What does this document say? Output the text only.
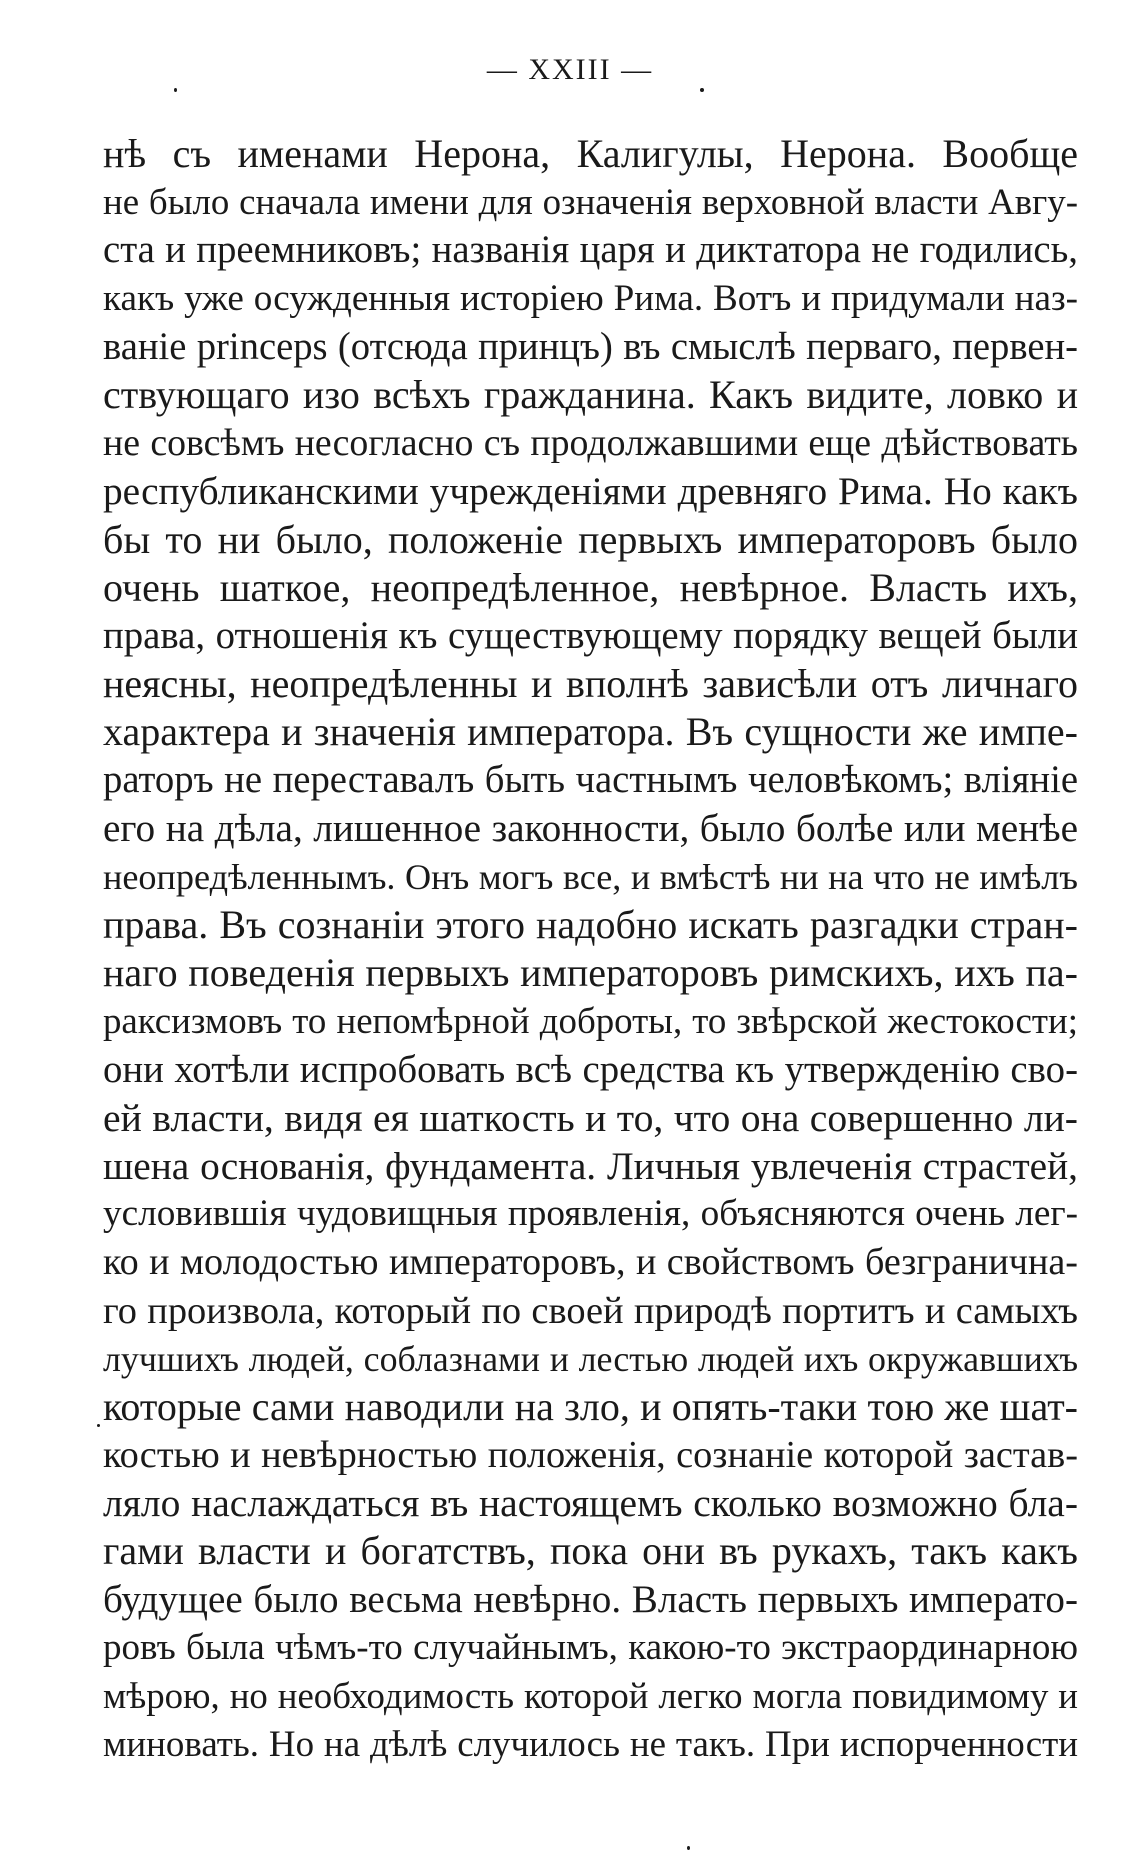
— XXIII —
нѣ съ именами Нерона, Калигулы, Нерона. Вообще
не было сначала имени для означенія верховной власти Авгу-
ста и преемниковъ; названія царя и диктатора не годились,
какъ уже осужденныя исторіею Рима. Вотъ и придумали наз-
ваніе princeps (отсюда принцъ) въ смыслѣ перваго, первен-
ствующаго изо всѣхъ гражданина. Какъ видите, ловко и
не совсѣмъ несогласно съ продолжавшими еще дѣйствовать
республиканскими учрежденіями древняго Рима. Но какъ
бы то ни было, положеніе первыхъ императоровъ было
очень шаткое, неопредѣленное, невѣрное. Власть ихъ,
права, отношенія къ существующему порядку вещей были
неясны, неопредѣленны и вполнѣ зависѣли отъ личнаго
характера и значенія императора. Въ сущности же импе-
раторъ не переставалъ быть частнымъ человѣкомъ; вліяніе
его на дѣла, лишенное законности, было болѣе или менѣе
неопредѣленнымъ. Онъ могъ все, и вмѣстѣ ни на что не имѣлъ
права. Въ сознаніи этого надобно искать разгадки стран-
наго поведенія первыхъ императоровъ римскихъ, ихъ па-
раксизмовъ то непомѣрной доброты, то звѣрской жестокости;
они хотѣли испробовать всѣ средства къ утвержденію сво-
ей власти, видя ея шаткость и то, что она совершенно ли-
шена основанія, фундамента. Личныя увлеченія страстей,
условившія чудовищныя проявленія, объясняются очень лег-
ко и молодостью императоровъ, и свойствомъ безгранична-
го произвола, который по своей природѣ портитъ и самыхъ
лучшихъ людей, соблазнами и лестью людей ихъ окружавшихъ
которые сами наводили на зло, и опять-таки тою же шат-
костью и невѣрностью положенія, сознаніе которой застав-
ляло наслаждаться въ настоящемъ сколько возможно бла-
гами власти и богатствъ, пока они въ рукахъ, такъ какъ
будущее было весьма невѣрно. Власть первыхъ императо-
ровъ была чѣмъ-то случайнымъ, какою-то экстраординарною
мѣрою, но необходимость которой легко могла повидимому и
миновать. Но на дѣлѣ случилось не такъ. При испорченности
